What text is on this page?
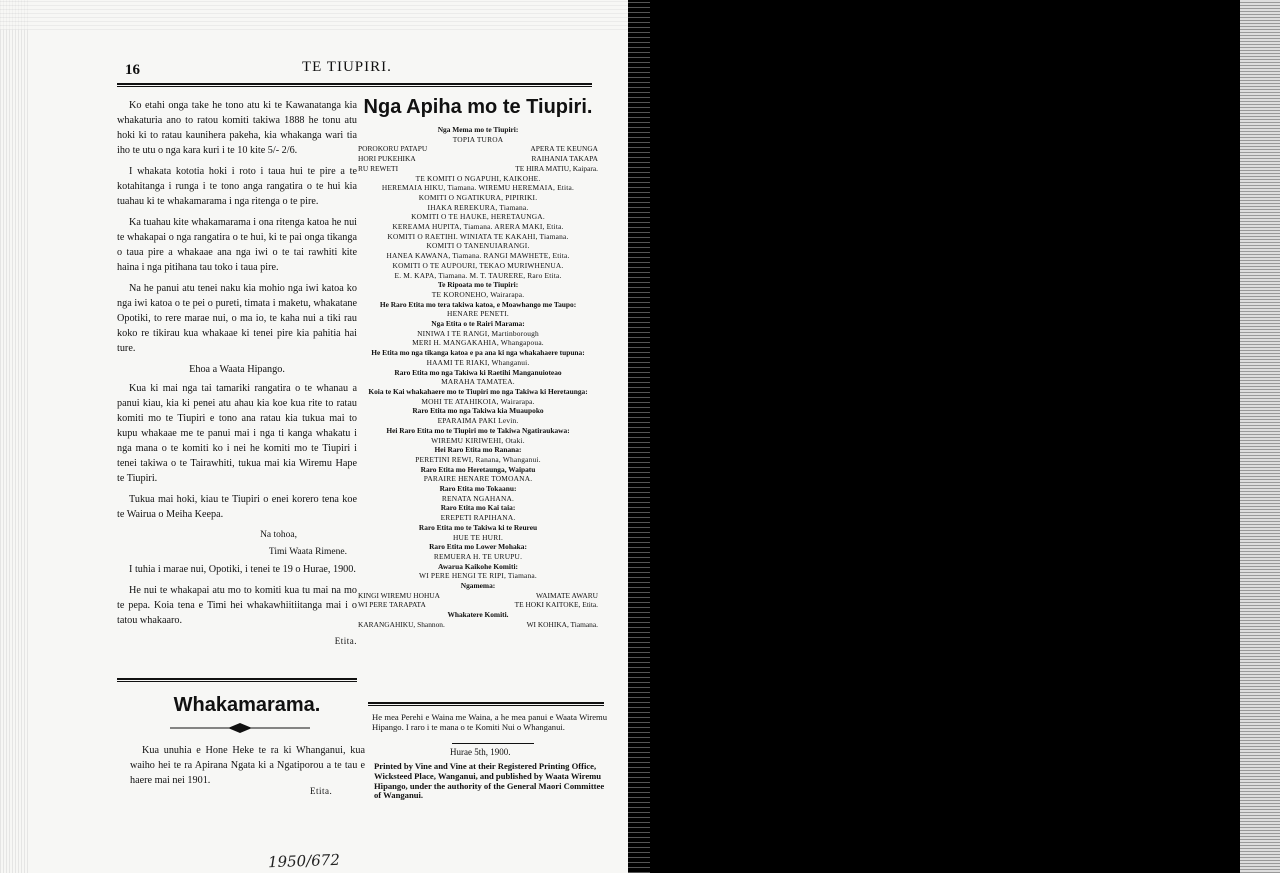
16	TE TIUPIRI.

Ko etahi onga take he tono atu ki te Kawanatanga kia whakaturia ano to ratou komiti takiwa 1888 he tonu atu hoki ki to ratau kaunihera pakeha, kia whakanga wari tia iho te utu o nga kara kuri i te 10 kite 5/- 2/6.

I whakata kototia hoki i roto i taua hui te pire a te kotahitanga i runga i te tono anga rangatira o te hui kia tuahau ki te whakamarama i nga ritenga o te pire.

Ka tuahau kite whakamarama i ona ritenga katoa he nui te whakapai o nga rangatira o te hui, ki te pai onga tikanga o taua pire a whakaae ana nga iwi o te tai rawhiti kite haina i nga pitihana tau toko i taua pire.

Na he panui atu tenei naku kia mohio nga iwi katoa ko nga iwi katoa o te pei o pureti, timata i maketu, whakatane Opotiki, to rere marae nui, o ma io, te kaha nui a tiki rau koko re tikirau kua whakaae ki tenei pire kia pahitia hai ture.

Ehoa a Waata Hipango.

Kua ki mai nga tai tamariki rangatira o te whanau a panui kiau, kia ki penei atu ahau kia koe kua rite to ratau komiti mo te Tiupiri e tono ana ratau kia tukua mai to kupu whakaae me te panui mai i nga ti kanga whakatu i nga mana o te komiti ko i nei he komiti mo te Tiupiri i tenei takiwa o te Tairawhiti, tukua mai kia Wiremu Hape te Tiupiri.

Tukua mai hoki, kiau te Tiupiri o enei korero tena koe te Wairua o Meiha Keepa.

Na tohoa,

Timi Waata Rimene.

I tuhia i marae nui, Opotiki, i tenei te 19 o Hurae, 1900.

He nui te whakapai atu mo to komiti kua tu mai na mo te pepa. Koia tena e Timi hei whakawhiitiitanga mai i o tatou whakaaro.

Etita.

Whakamarama.

Kua unuhia e Hone Heke te ra ki Whanganui, kua waiho hei te ra Apirana Ngata ki a Ngatiporou a te tau e haere mai nei 1901.

Etita.
1950/672
Nga Apiha mo te Tiupiri.
Nga Mema mo te Tiupiri:
TOPIA TUROA
POROKORU PATAPU	APERA TE KEUNGA
HORI PUKEHIKA	RAIHANIA TAKAPA
RU REWETI	TE HIRA MATIU, Kaipara.
TE KOMITI O NGAPUHI, KAIKOHE.
HEREMAIA HIKU, Tiamana. WIREMU HEREMAIA, Etita.
KOMITI O NGATIKURA, PIPIRIKI.
IHAKA REREKURA, Tiamana.
KOMITI O TE HAUKE, HERETAUNGA.
KEREAMA HUPITA, Tiamana. ARERA MAKI, Etita.
KOMITI O RAETIHI. WINIATA TE KAKAHI, Tiamana.
KOMITI O TANENUIARANGI.
HANEA KAWANA, Tiamana. RANGI MAWHETE, Etita.
KOMITI O TE AUPOURI, TEKAO MURIWHENUA.
E. M. KAPA, Tiamana. M. T. TAURERE, Raro Etita.
Te Ripoata mo te Tiupiri:
TE KORONEHO, Wairarapa.
He Raro Etita mo tera takiwa katoa, e Moawhango me Taupo:
HENARE PENETI.
Nga Etita o te Rairi Marama:
NINIWA I TE RANGI, Martinborough
MERI H. MANGAKAHIA, Whangapoua.
He Etita mo nga tikanga katoa e pa ana ki nga whakahaere tupuna:
HAAMI TE RIAKI, Whanganui.
Raro Etita mo nga Takiwa ki Raetihi Manganuioteao
MARAHA TAMATEA.
Koia te Kai whakahaere mo te Tiupiri mo nga Takiwa ki Heretaunga:
MOHI TE ATAHIKOIA, Wairarapa.
Raro Etita mo nga Takiwa kia Muaupoko
EPARAIMA PAKI Levin.
Hei Raro Etita mo te Tiupiri mo te Takiwa Ngatiraukawa:
WIREMU KIRIWEHI, Otaki.
Hei Raro Etita mo Ranana:
PERETINI REWI, Ranana, Whanganui.
Raro Etita mo Heretaunga, Waipatu
PARAIRE HENARE TOMOANA.
Raro Etita mo Tokaanu:
RENATA NGAHANA.
Raro Etita mo Kai taia:
EREPETI RAPIHANA.
Raro Etita mo te Takiwa ki te Reureu
HUE TE HURI.
Raro Etita mo Lower Mohaka:
REMUERA H. TE URUPU.
Awarua Kaikohe Komiti:
WI PERE HENGI TE RIPI, Tiamana.
Ngamema:
KINGI WIREMU HOHUA	WAIMATE AWARU
WI PERE TARAPATA	TE HOKI KAITOKE, Etita.
Whakatere Komiti.
KARANGAHIKU, Shannon.	WI KOHIKA, Tiamana.
He mea Perehi e Waina me Waina, a he mea panui e Waata Wiremu Hipango. I raro i te mana o te Komiti Nui o Whanganui.
Hurae 5th, 1900.
Printed by Vine and Vine at their Registered Printing Office, Wicksteed Place, Wanganui, and published by Waata Wiremu Hipango, under the authority of the General Maori Committee of Wanganui.
